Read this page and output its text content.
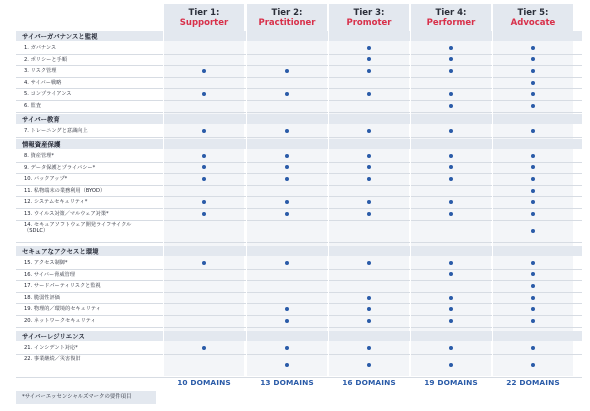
Tier 1:
Supporter
10 DOMAINS
Tier 2:
Practitioner
13 DOMAINS
Tier 3:
Promoter
16 DOMAINS
Tier 4:
Performer
19 DOMAINS
Tier 5:
Advocate
22 DOMAINS
サイバーガバナンスと監視
1. ガバナンス
2. ポリシーと手順
3. リスク管理
4. サイバー戦略
5. コンプライアンス
6. 監査
サイバー教育
7. トレーニングと意識向上
情報資産保護
8. 資産管理*
9. データ保護とプライバシー*
10. バックアップ*
11. 私物端末の業務利用（BYOD）
12. システムセキュリティ*
13. ウイルス対策／マルウェア対策*
14. セキュアソフトウェア開発ライフサイクル（SDLC）
セキュアなアクセスと環境
15. アクセス制御*
16. サイバー脅威管理
17. サードパーティリスクと監視
18. 脆弱性評価
19. 物理的／環境的セキュリティ
20. ネットワークセキュリティ
サイバーレジリエンス
21. インシデント対応*
22. 事業継続／災害復旧
*サイバーエッセンシャルズマークの要件項目
